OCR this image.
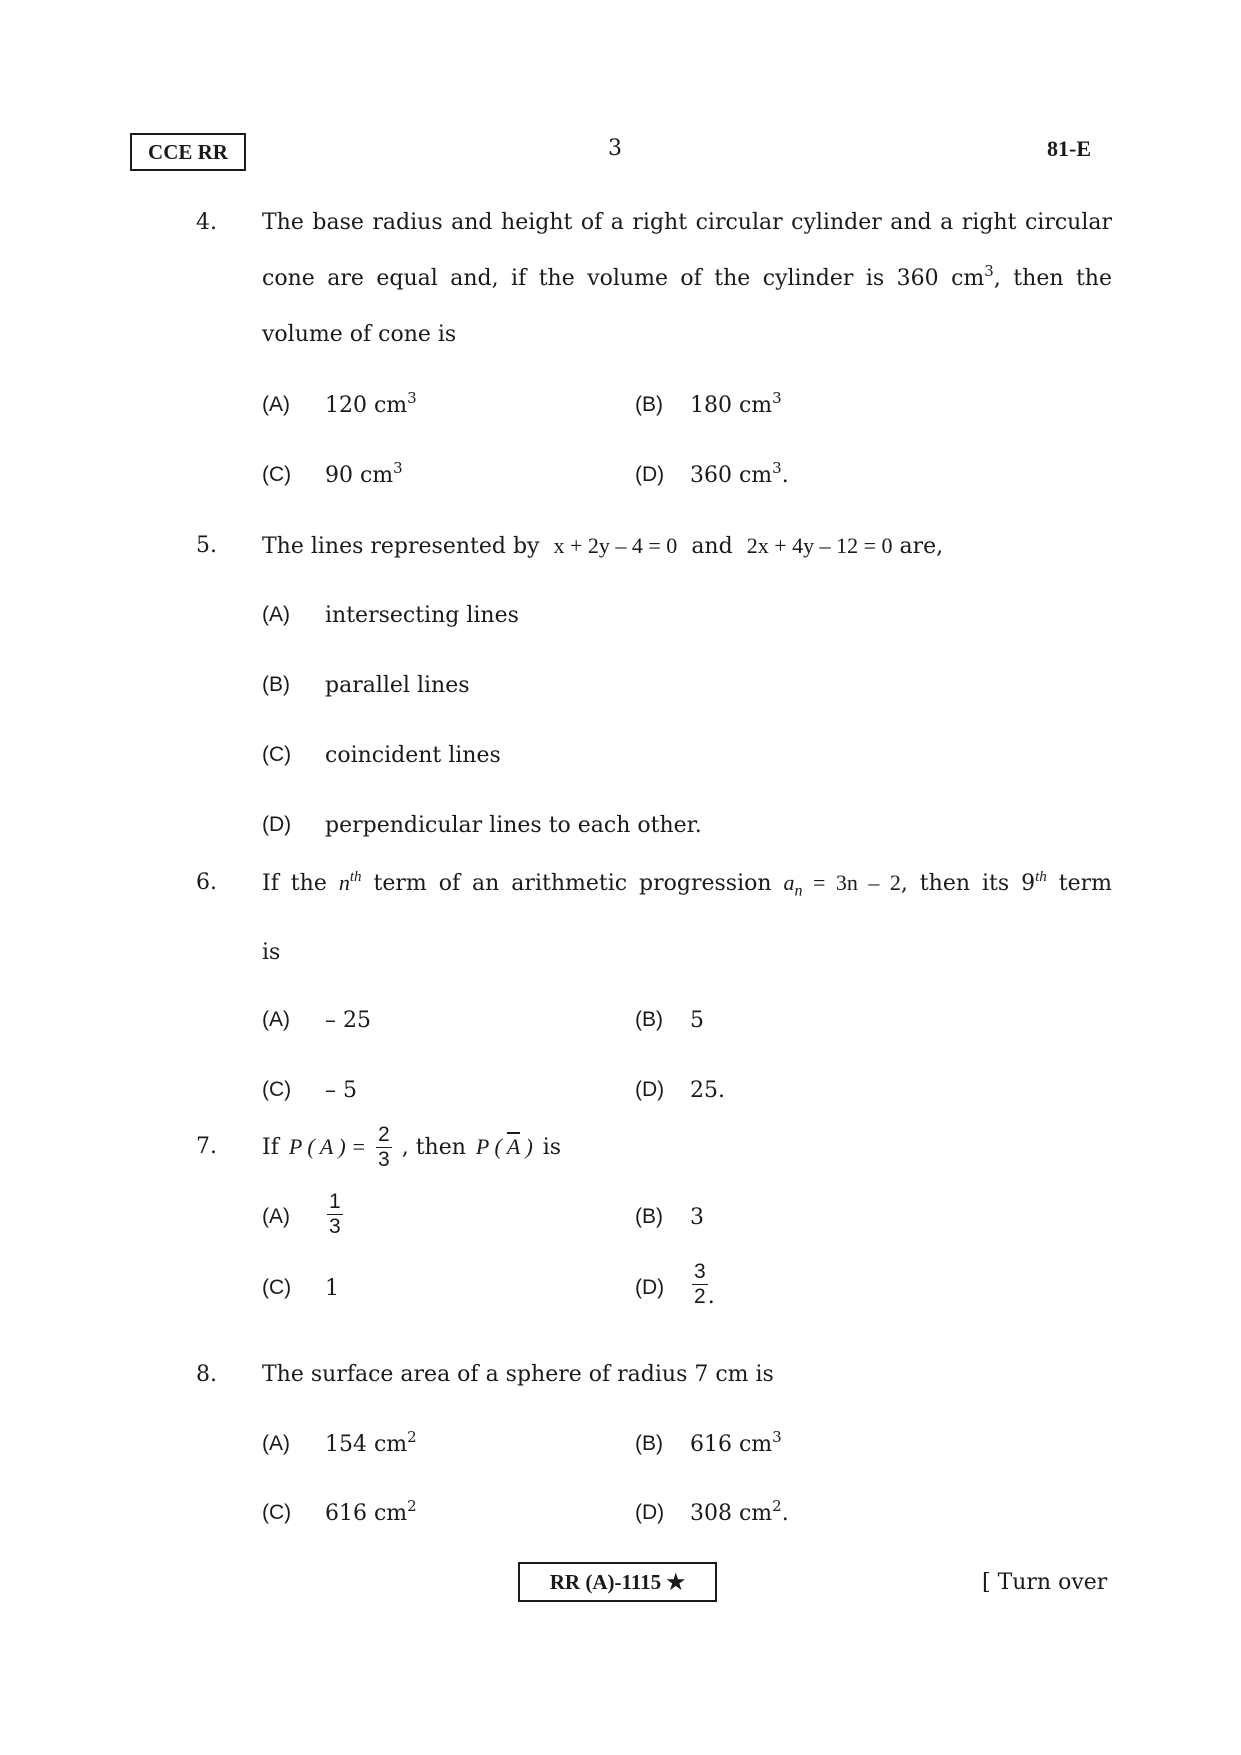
CCE RR	3	81-E
4. The base radius and height of a right circular cylinder and a right circular
cone are equal and, if the volume of the cylinder is 360 $cm^3$, then the
volume of cone is
(A) 120 $cm^3$	(B) 180 $cm^3$
(C) 90 $cm^3$	(D) 360 $cm^3$.
5. The lines represented by x + 2y – 4 = 0 and 2x + 4y – 12 = 0 are,
(A) intersecting lines
(B) parallel lines
(C) coincident lines
(D) perpendicular lines to each other.
6. If the $n^{th}$ term of an arithmetic progression $a_n = 3n - 2$, then its 9th term
is
(A) – 25	(B) 5
(C) – 5	(D) 25.
7. If P ( A ) = $\frac{2}{3}$ , then P ( $\overline{A}$ ) is
$(A) \frac{1}{3}$	(B) 3
(C) 1	$(D) \frac{3}{2}$ .
8. The surface area of a sphere of radius 7 cm is
(A) 154 $cm^2$	(B) 616 $cm^3$
(C) 616 $cm^2$	(D) 308 $cm^2$.
RR (A)-1115 ★	[ Turn over
